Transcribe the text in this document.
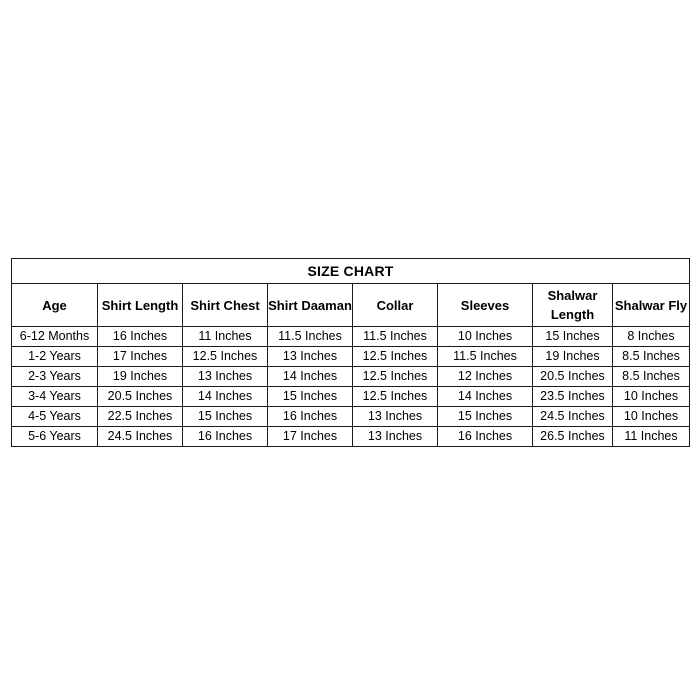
SIZE CHART							
Age	Shirt Length	Shirt Chest	Shirt Daaman	Collar	Sleeves	Shalwar Length	Shalwar Fly
6-12 Months	16 Inches	11 Inches	11.5 Inches	11.5 Inches	10 Inches	15 Inches	8 Inches
1-2 Years	17 Inches	12.5 Inches	13 Inches	12.5 Inches	11.5 Inches	19 Inches	8.5 Inches
2-3 Years	19 Inches	13 Inches	14 Inches	12.5 Inches	12 Inches	20.5 Inches	8.5 Inches
3-4 Years	20.5 Inches	14 Inches	15 Inches	12.5 Inches	14 Inches	23.5 Inches	10 Inches
4-5 Years	22.5 Inches	15 Inches	16 Inches	13 Inches	15 Inches	24.5 Inches	10 Inches
5-6 Years	24.5 Inches	16 Inches	17 Inches	13 Inches	16 Inches	26.5 Inches	11 Inches
